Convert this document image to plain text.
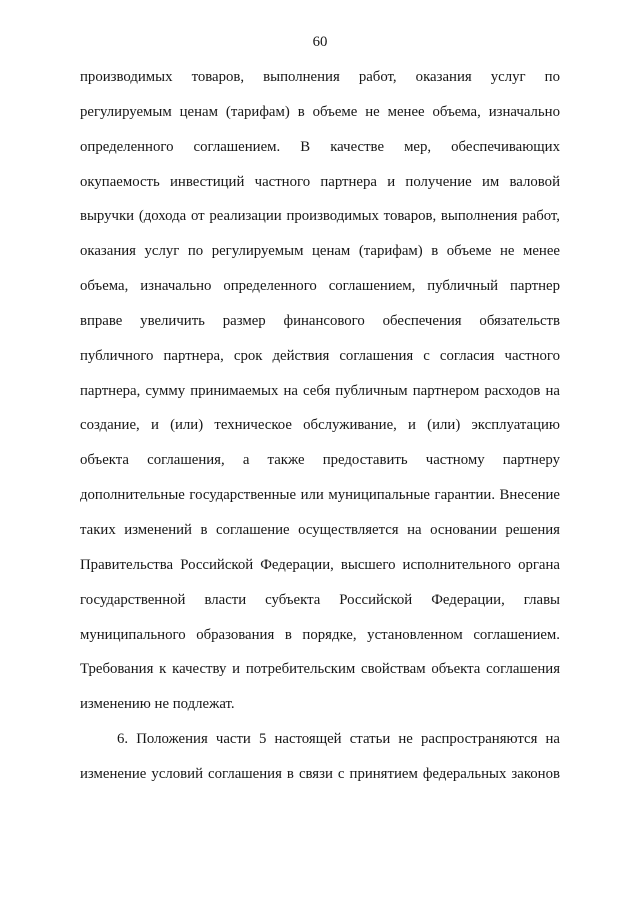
60
производимых товаров, выполнения работ, оказания услуг по
регулируемым ценам (тарифам) в объеме не менее объема, изначально
определенного соглашением. В качестве мер, обеспечивающих
окупаемость инвестиций частного партнера и получение им валовой
выручки (дохода от реализации производимых товаров, выполнения работ,
оказания услуг по регулируемым ценам (тарифам) в объеме не менее
объема, изначально определенного соглашением, публичный партнер
вправе увеличить размер финансового обеспечения обязательств
публичного партнера, срок действия соглашения с согласия частного
партнера, сумму принимаемых на себя публичным партнером расходов на
создание, и (или) техническое обслуживание, и (или) эксплуатацию
объекта соглашения, а также предоставить частному партнеру
дополнительные государственные или муниципальные гарантии. Внесение
таких изменений в соглашение осуществляется на основании решения
Правительства Российской Федерации, высшего исполнительного органа
государственной власти субъекта Российской Федерации, главы
муниципального образования в порядке, установленном соглашением.
Требования к качеству и потребительским свойствам объекта соглашения
изменению не подлежат.
6. Положения части 5 настоящей статьи не распространяются на
изменение условий соглашения в связи с принятием федеральных законов
